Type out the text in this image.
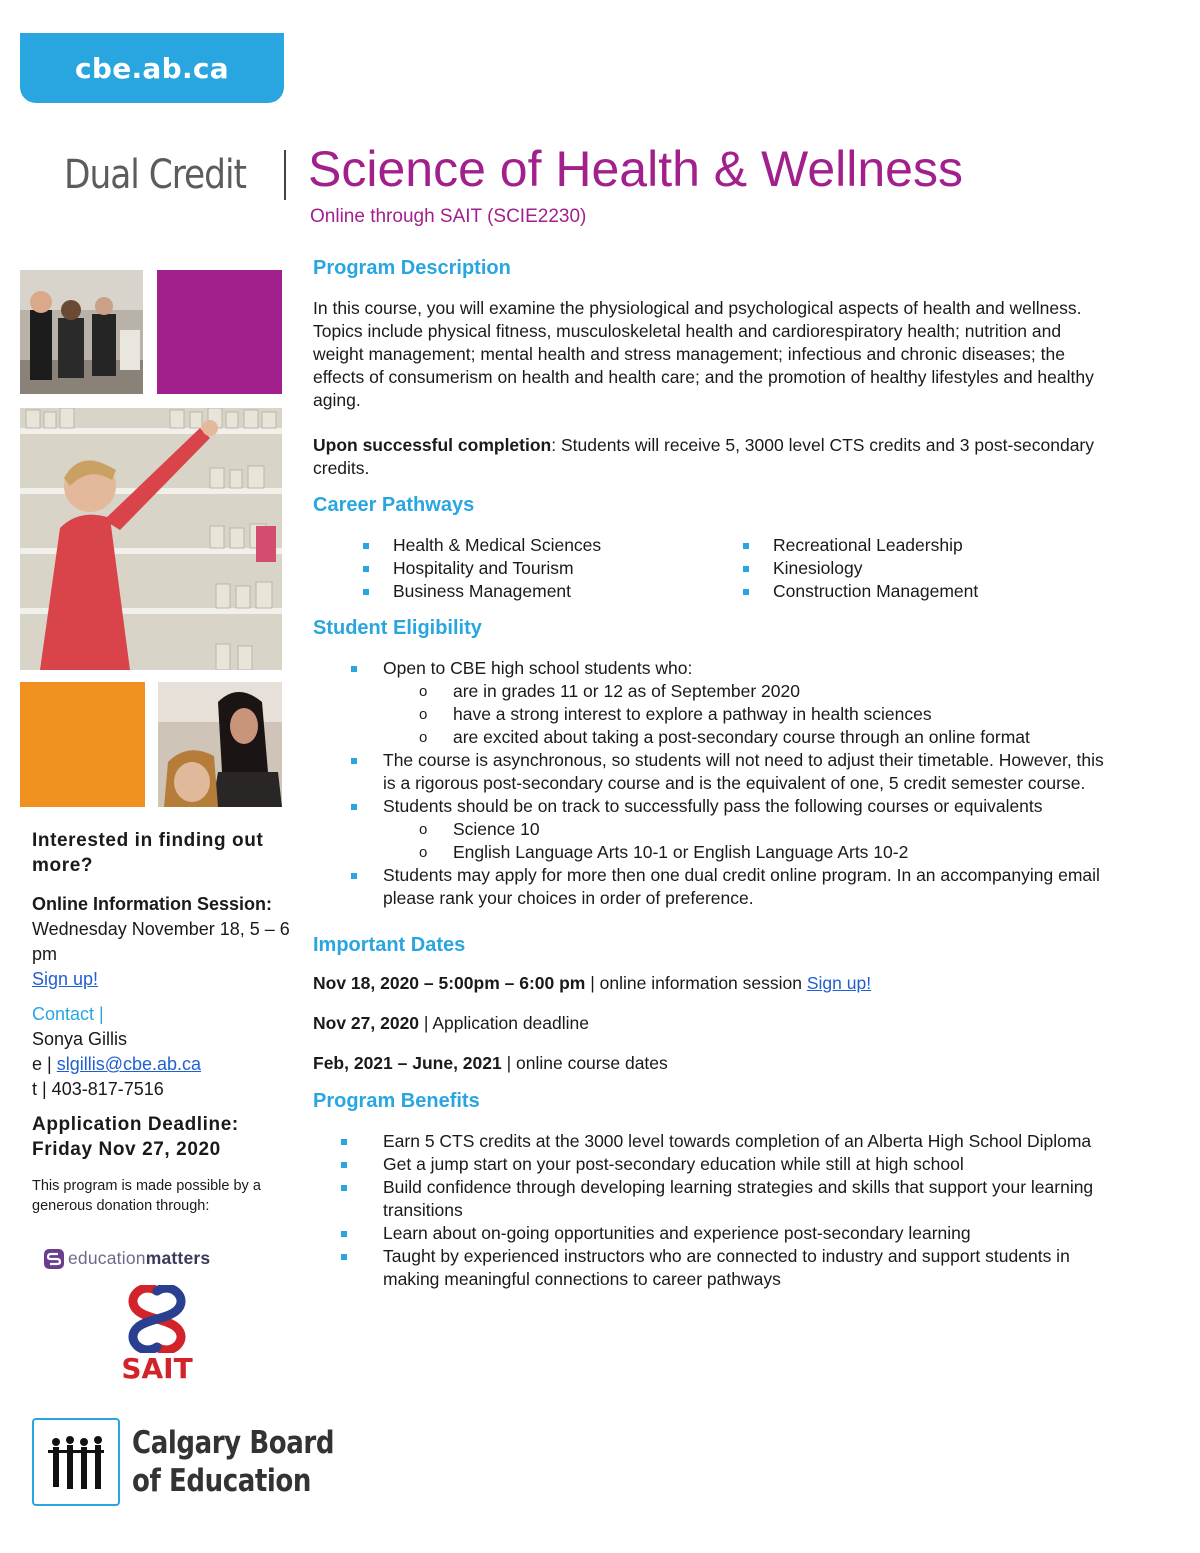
cbe.ab.ca
Dual Credit Science of Health & Wellness
Online through SAIT (SCIE2230)
Interested in finding out more?
Online Information Session: Wednesday November 18, 5 – 6 pm
Sign up!
Contact |
Sonya Gillis
e | slgillis@cbe.ab.ca
t | 403-817-7516
Application Deadline:
Friday Nov 27, 2020
This program is made possible by a generous donation through:
educationmatters
SAIT
Calgary Board
of Education
Program Description

In this course, you will examine the physiological and psychological aspects of health and wellness. Topics include physical fitness, musculoskeletal health and cardiorespiratory health; nutrition and weight management; mental health and stress management; infectious and chronic diseases; the effects of consumerism on health and health care; and the promotion of healthy lifestyles and healthy aging.

Upon successful completion: Students will receive 5, 3000 level CTS credits and 3 post-secondary credits.

Career Pathways
Health & Medical Sciences
Hospitality and Tourism
Business Management
Recreational Leadership
Kinesiology
Construction Management
Student Eligibility
Open to CBE high school students who:
o are in grades 11 or 12 as of September 2020
o have a strong interest to explore a pathway in health sciences
o are excited about taking a post-secondary course through an online format
The course is asynchronous, so students will not need to adjust their timetable. However, this is a rigorous post-secondary course and is the equivalent of one, 5 credit semester course.
Students should be on track to successfully pass the following courses or equivalents
o Science 10
o English Language Arts 10-1 or English Language Arts 10-2
Students may apply for more then one dual credit online program. In an accompanying email please rank your choices in order of preference.
Important Dates

Nov 18, 2020 – 5:00pm – 6:00 pm | online information session Sign up!

Nov 27, 2020 | Application deadline

Feb, 2021 – June, 2021 | online course dates

Program Benefits
Earn 5 CTS credits at the 3000 level towards completion of an Alberta High School Diploma
Get a jump start on your post-secondary education while still at high school
Build confidence through developing learning strategies and skills that support your learning transitions
Learn about on-going opportunities and experience post-secondary learning
Taught by experienced instructors who are connected to industry and support students in making meaningful connections to career pathways
